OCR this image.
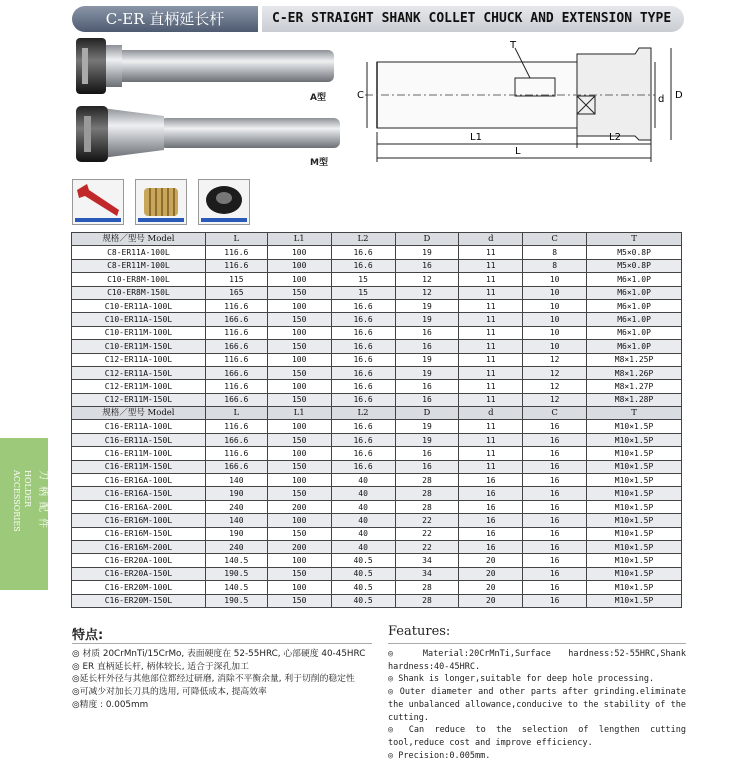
C-ER 直柄延长杆	C-ER STRAIGHT SHANK COLLET CHUCK AND EXTENSION TYPE
A型
M型
T
C	D
d
L1	L2
L
刀柄配件
HOLDER
ACCESSORIES
规格／型号 Model	L	L1	L2	D	d	C	T
C8-ER11A-100L	116.6	100	16.6	19	11	8	M5×0.8P
C8-ER11M-100L	116.6	100	16.6	16	11	8	M5×0.8P
C10-ER8M-100L	115	100	15	12	11	10	M6×1.0P
C10-ER8M-150L	165	150	15	12	11	10	M6×1.0P
C10-ER11A-100L	116.6	100	16.6	19	11	10	M6×1.0P
C10-ER11A-150L	166.6	150	16.6	19	11	10	M6×1.0P
C10-ER11M-100L	116.6	100	16.6	16	11	10	M6×1.0P
C10-ER11M-150L	166.6	150	16.6	16	11	10	M6×1.0P
C12-ER11A-100L	116.6	100	16.6	19	11	12	M8×1.25P
C12-ER11A-150L	166.6	150	16.6	19	11	12	M8×1.26P
C12-ER11M-100L	116.6	100	16.6	16	11	12	M8×1.27P
C12-ER11M-150L	166.6	150	16.6	16	11	12	M8×1.28P
规格／型号 Model	L	L1	L2	D	d	C	T
C16-ER11A-100L	116.6	100	16.6	19	11	16	M10×1.5P
C16-ER11A-150L	166.6	150	16.6	19	11	16	M10×1.5P
C16-ER11M-100L	116.6	100	16.6	16	11	16	M10×1.5P
C16-ER11M-150L	166.6	150	16.6	16	11	16	M10×1.5P
C16-ER16A-100L	140	100	40	28	16	16	M10×1.5P
C16-ER16A-150L	190	150	40	28	16	16	M10×1.5P
C16-ER16A-200L	240	200	40	28	16	16	M10×1.5P
C16-ER16M-100L	140	100	40	22	16	16	M10×1.5P
C16-ER16M-150L	190	150	40	22	16	16	M10×1.5P
C16-ER16M-200L	240	200	40	22	16	16	M10×1.5P
C16-ER20A-100L	140.5	100	40.5	34	20	16	M10×1.5P
C16-ER20A-150L	190.5	150	40.5	34	20	16	M10×1.5P
C16-ER20M-100L	140.5	100	40.5	28	20	16	M10×1.5P
C16-ER20M-150L	190.5	150	40.5	28	20	16	M10×1.5P
特点:	Features:

◎ 材质 20CrMnTi/15CrMo, 表面硬度在 52-55HRC, 心部硬度 40-45HRC

◎ ER 直柄延长杆, 柄体较长, 适合于深孔加工

◎延长杆外径与其他部位都经过研磨, 消除不平衡余量, 利于切削的稳定性

◎可减少对加长刀具的选用, 可降低成本, 提高效率

◎精度 : 0.005mm

◎ Material:20CrMnTi,Surface hardness:52-55HRC,Shank hardness:40-45HRC.

◎ Shank is longer,suitable for deep hole processing.

◎ Outer diameter and other parts after grinding.eliminate the unbalanced allowance,conducive to the stability of the cutting.

◎ Can reduce to the selection of lengthen cutting tool,reduce cost and improve efficiency.

◎ Precision:0.005mm.
